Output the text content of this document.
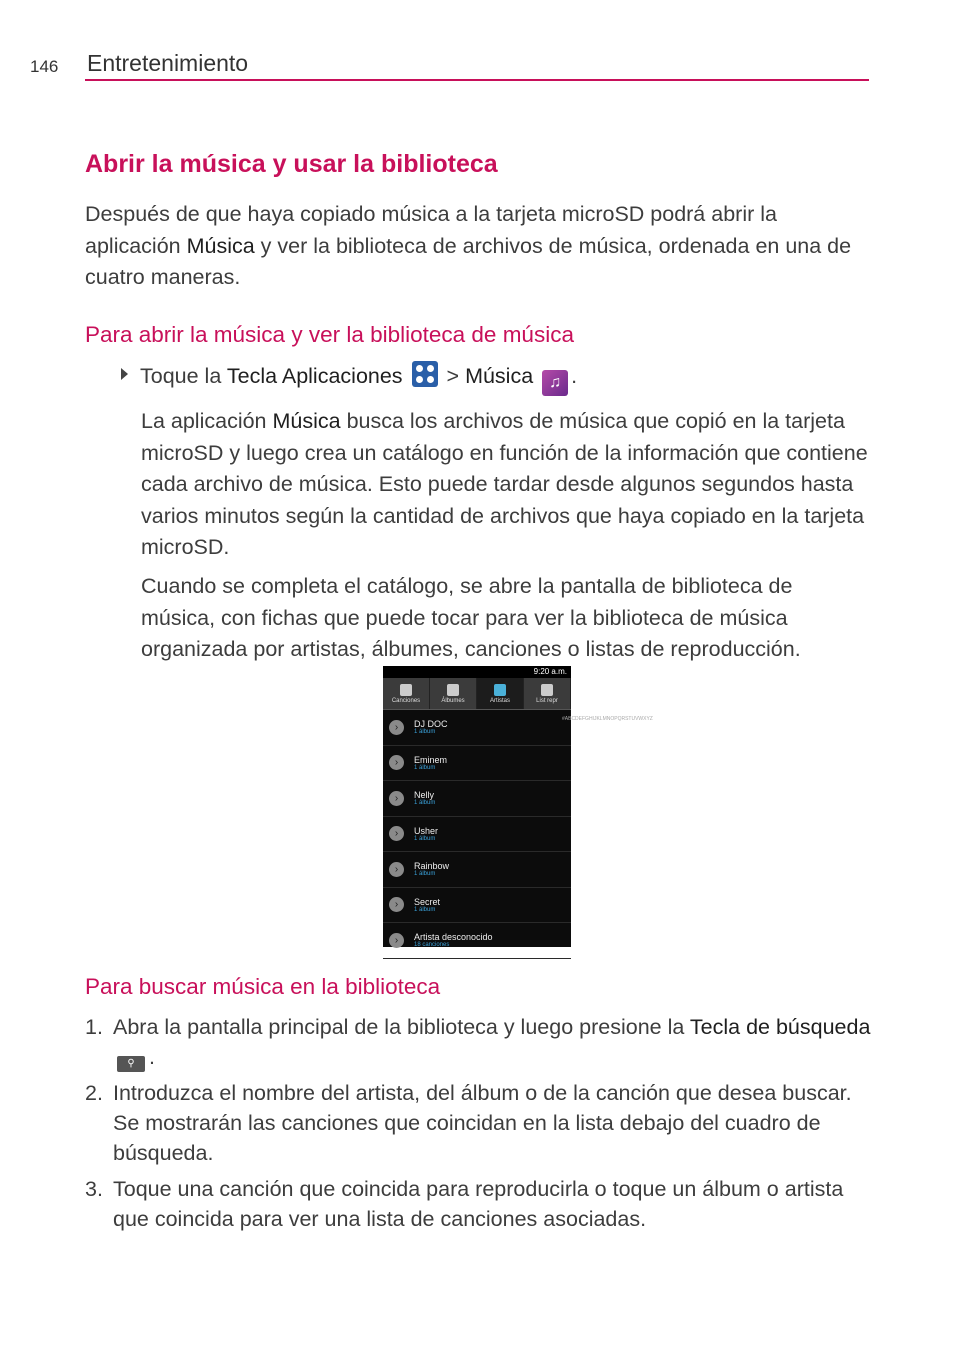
146 Entretenimiento
Abrir la música y usar la biblioteca
Después de que haya copiado música a la tarjeta microSD podrá abrir la aplicación Música y ver la biblioteca de archivos de música, ordenada en una de cuatro maneras.
Para abrir la música y ver la biblioteca de música
Toque la Tecla Aplicaciones
> Música ♫ .
La aplicación Música busca los archivos de música que copió en la tarjeta microSD y luego crea un catálogo en función de la información que contiene cada archivo de música. Esto puede tardar desde algunos segundos hasta varios minutos según la cantidad de archivos que haya copiado en la tarjeta microSD.
Cuando se completa el catálogo, se abre la pantalla de biblioteca de música, con fichas que puede tocar para ver la biblioteca de música organizada por artistas, álbumes, canciones o listas de reproducción.
9:20 a.m.
Canciones	Álbumes	Artistas	List repr
›	DJ DOC
1 álbum
›	Eminem
1 álbum
›	Nelly
1 álbum
›	Usher
1 álbum
›	Rainbow
1 álbum
›	Secret
1 álbum
›	Artista desconocido
18 canciones
#ABCDEFGHIJKLMNOPQRSTUVWXYZ
Para buscar música en la biblioteca
1. Abra la pantalla principal de la biblioteca y luego presione la Tecla de búsqueda⚲ .
2. Introduzca el nombre del artista, del álbum o de la canción que desea buscar. Se mostrarán las canciones que coincidan en la lista debajo del cuadro de búsqueda.
3. Toque una canción que coincida para reproducirla o toque un álbum o artista que coincida para ver una lista de canciones asociadas.
